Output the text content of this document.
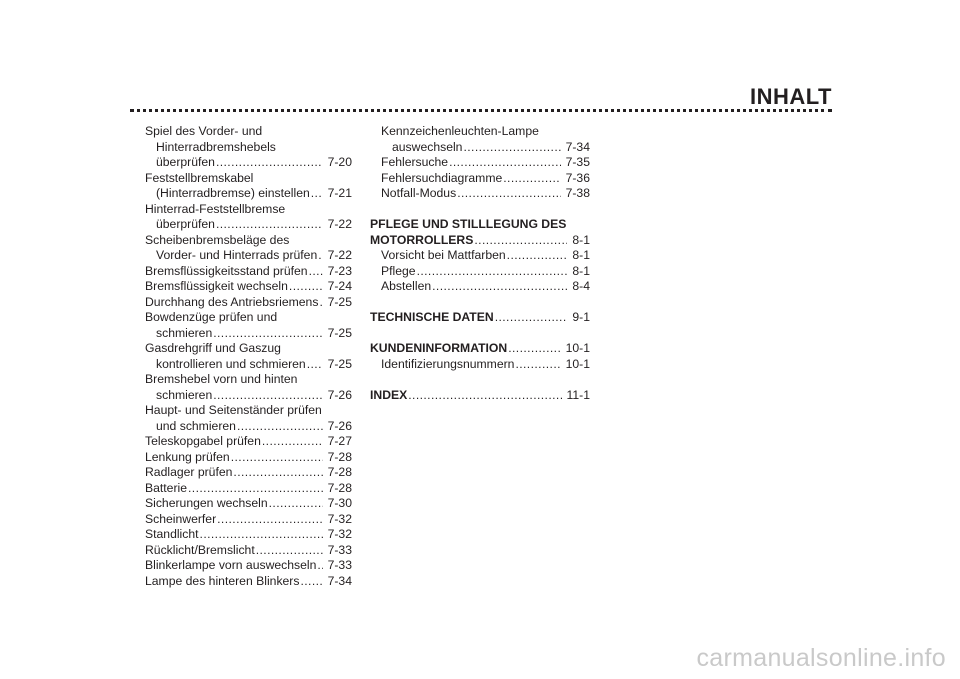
INHALT
Spiel des Vorder- und
Hinterradbremshebels
überprüfen .....	7-20
Feststellbremskabel
(Hinterradbremse) einstellen .....	7-21
Hinterrad-Feststellbremse
überprüfen .....	7-22
Scheibenbremsbeläge des
Vorder- und Hinterrads prüfen ..... 7-22
Bremsflüssigkeitsstand prüfen .....	7-23
Bremsflüssigkeit wechseln .....	7-24
Durchhang des Antriebsriemens ..... 7-25
Bowdenzüge prüfen und
schmieren .....	7-25
Gasdrehgriff und Gaszug
kontrollieren und schmieren .....	7-25
Bremshebel vorn und hinten
schmieren .....	7-26
Haupt- und Seitenständer prüfen
und schmieren .....	7-26
Teleskopgabel prüfen .....	7-27
Lenkung prüfen .....	7-28
Radlager prüfen .....	7-28
Batterie .....	7-28
Sicherungen wechseln .....	7-30
Scheinwerfer .....	7-32
Standlicht .....	7-32
Rücklicht/Bremslicht .....	7-33
Blinkerlampe vorn auswechseln ..... 7-33
Lampe des hinteren Blinkers .....	7-34
Kennzeichenleuchten-Lampe
auswechseln .....	7-34
Fehlersuche .....	7-35
Fehlersuchdiagramme .....	7-36
Notfall-Modus .....	7-38
PFLEGE UND STILLLEGUNG DES
MOTORROLLERS .....	8-1
Vorsicht bei Mattfarben .....	8-1
Pflege .....	8-1
Abstellen .....	8-4
TECHNISCHE DATEN .....	9-1
KUNDENINFORMATION .....	10-1
Identifizierungsnummern .....	10-1
INDEX .....	11-1
carmanualsonline.info
